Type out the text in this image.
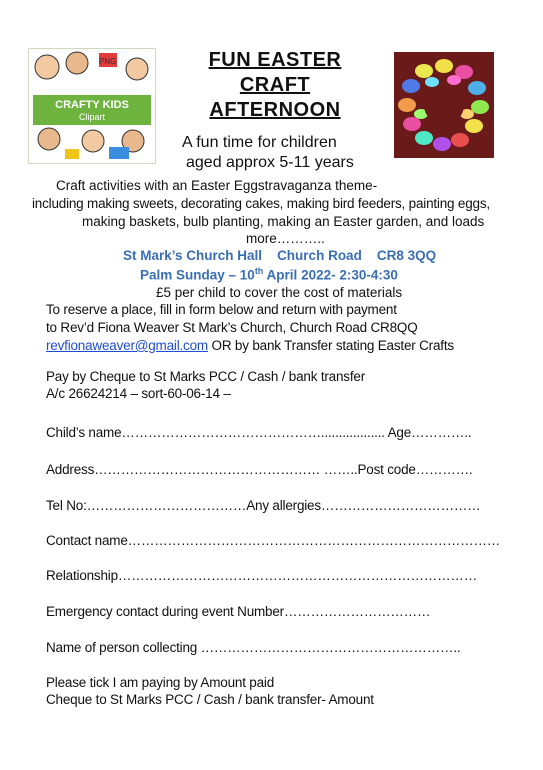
CRAFTY KIDS
Clipart
PNG	FUN EASTER
CRAFT
AFTERNOON
A fun time for children
aged approx 5-11 years
Craft activities with an Easter Eggstravaganza theme-
including making sweets, decorating cakes, making bird feeders, painting eggs,
making baskets, bulb planting, making an Easter garden, and loads
more………..
St Mark’s Church Hall Church Road CR8 3QQ
Palm Sunday – 10th April 2022- 2:30-4:30
£5 per child to cover the cost of materials
To reserve a place, fill in form below and return with payment
to Rev’d Fiona Weaver St Mark’s Church, Church Road CR8QQ
revfionaweaver@gmail.com OR by bank Transfer stating Easter Crafts
Pay by Cheque to St Marks PCC / Cash / bank transfer
A/c 26624214 – sort-60-06-14 –
Child’s name……………………………………….................. Age…………..
Address…………………………………………… ……..Post code………….
Tel No:………………………………Any allergies………………………………
Contact name…………………………………………………………………………
Relationship………………………………………………………………………
Emergency contact during event Number……………………………
Name of person collecting …………………………………………………..
Please tick I am paying by Amount paid
Cheque to St Marks PCC / Cash / bank transfer- Amount
